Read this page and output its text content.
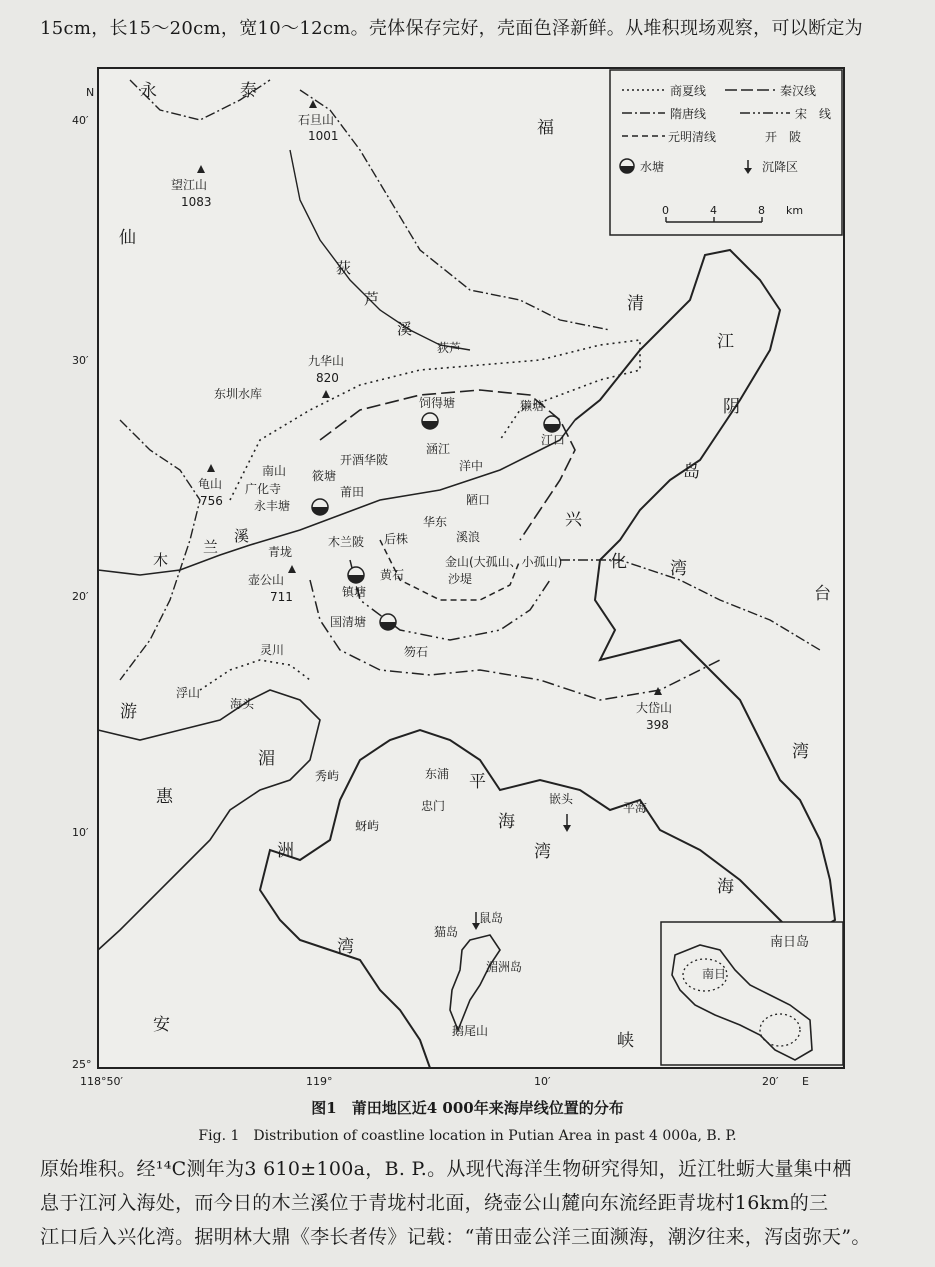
15cm，长15～20cm，宽10～12cm。壳体保存完好，壳面色泽新鲜。从堆积现场观察，可以断定为
商夏线	秦汉线
隋唐线	宋　线
元明清线	开　陂
水塘	沉降区
0	4	8 km
N
40′
30′
20′
10′
25°
118°50′	119°	10′	20′ E
永	泰
福
仙
游
惠
安
清
兴
化	湾
台
湾
海
平
海
湾
湄
洲
湾
峡
江
阴
岛
荻
芦
溪
木
兰
溪
石旦山
1001
望江山
1083
九华山
820
龟山
756
壶公山
711
大岱山
398
东圳水库
荻芦
饲得塘	獭塘
江口
涵江
洋中
开酒华陂
南山 筱塘
广化寺	莆田
永丰塘	陋口
华东
木兰陂 后株	溪浪
青垅
金山(大孤山、小孤山)
黄石	沙堤
镇塘
国清塘
笏石
灵川
浮山
海头
秀屿
蚜屿
东浦
忠门	嵌头
平海
猫岛
鼠岛
湄洲岛
鹅尾山
南日岛
南日
图1　莆田地区近4 000年来海岸线位置的分布
Fig. 1　Distribution of coastline location in Putian Area in past 4 000a, B. P.
原始堆积。经¹⁴C测年为3 610±100a，B. P.。从现代海洋生物研究得知，近江牡蛎大量集中栖
息于江河入海处，而今日的木兰溪位于青垅村北面，绕壶公山麓向东流经距青垅村16km的三
江口后入兴化湾。据明林大鼎《李长者传》记载：“莆田壶公洋三面濒海，潮汐往来，泻卤弥天”。
